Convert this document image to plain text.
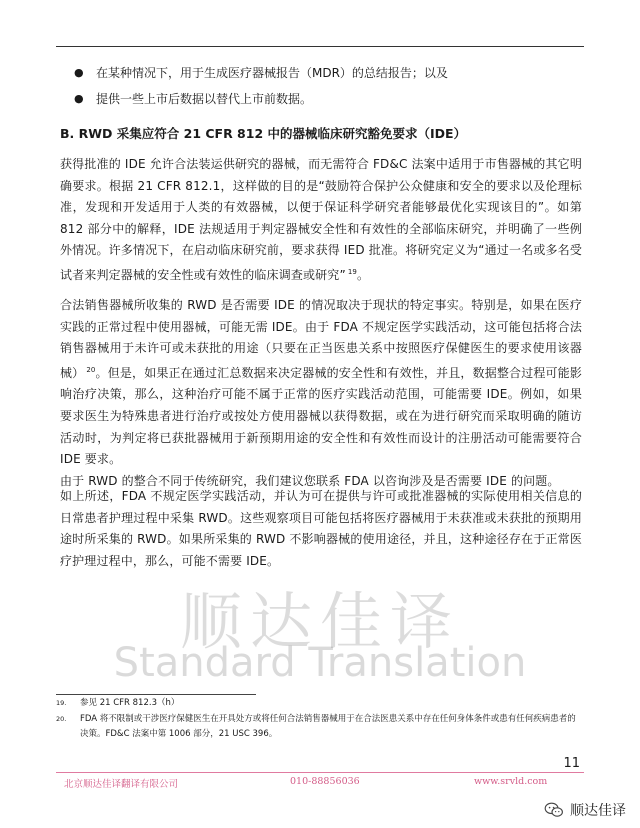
●	在某种情况下，用于生成医疗器械报告（MDR）的总结报告；以及
●	提供一些上市后数据以替代上市前数据。
B. RWD 采集应符合 21 CFR 812 中的器械临床研究豁免要求（IDE）

获得批准的 IDE 允许合法装运供研究的器械，而无需符合 FD&C 法案中适用于市售器械的其它明确要求。根据 21 CFR 812.1，这样做的目的是“鼓励符合保护公众健康和安全的要求以及伦理标准，发现和开发适用于人类的有效器械，以便于保证科学研究者能够最优化实现该目的”。如第 812 部分中的解释，IDE 法规适用于判定器械安全性和有效性的全部临床研究，并明确了一些例外情况。许多情况下，在启动临床研究前，要求获得 IED 批准。将研究定义为“通过一名或多名受试者来判定器械的安全性或有效性的临床调查或研究” $^{19}$。

合法销售器械所收集的 RWD 是否需要 IDE 的情况取决于现状的特定事实。特别是，如果在医疗实践的正常过程中使用器械，可能无需 IDE。由于 FDA 不规定医学实践活动，这可能包括将合法销售器械用于未许可或未获批的用途（只要在正当医患关系中按照医疗保健医生的要求使用该器械） $^{20}$。但是，如果正在通过汇总数据来决定器械的安全性和有效性，并且，数据整合过程可能影响治疗决策，那么，这种治疗可能不属于正常的医疗实践活动范围，可能需要 IDE。例如，如果要求医生为特殊患者进行治疗或按处方使用器械以获得数据，或在为进行研究而采取明确的随访活动时，为判定将已获批器械用于新预期用途的安全性和有效性而设计的注册活动可能需要符合 IDE 要求。
由于 RWD 的整合不同于传统研究，我们建议您联系 FDA 以咨询涉及是否需要 IDE 的问题。

如上所述，FDA 不规定医学实践活动，并认为可在提供与许可或批准器械的实际使用相关信息的日常患者护理过程中采集 RWD。这些观察项目可能包括将医疗器械用于未获准或未获批的预期用途时所采集的 RWD。如果所采集的 RWD 不影响器械的使用途径，并且，这种途径存在于正常医疗护理过程中，那么，可能不需要 IDE。

顺达佳译
Standard Translation
19. 参见 21 CFR 812.3（h）
20. FDA 将不限制或干涉医疗保健医生在开具处方或将任何合法销售器械用于在合法医患关系中存在任何身体条件或患有任何疾病患者的决策。FD&C 法案中第 1006 部分，21 USC 396。
11
北京顺达佳译翻译有限公司	010-88856036	www.srvld.com
顺达佳译
